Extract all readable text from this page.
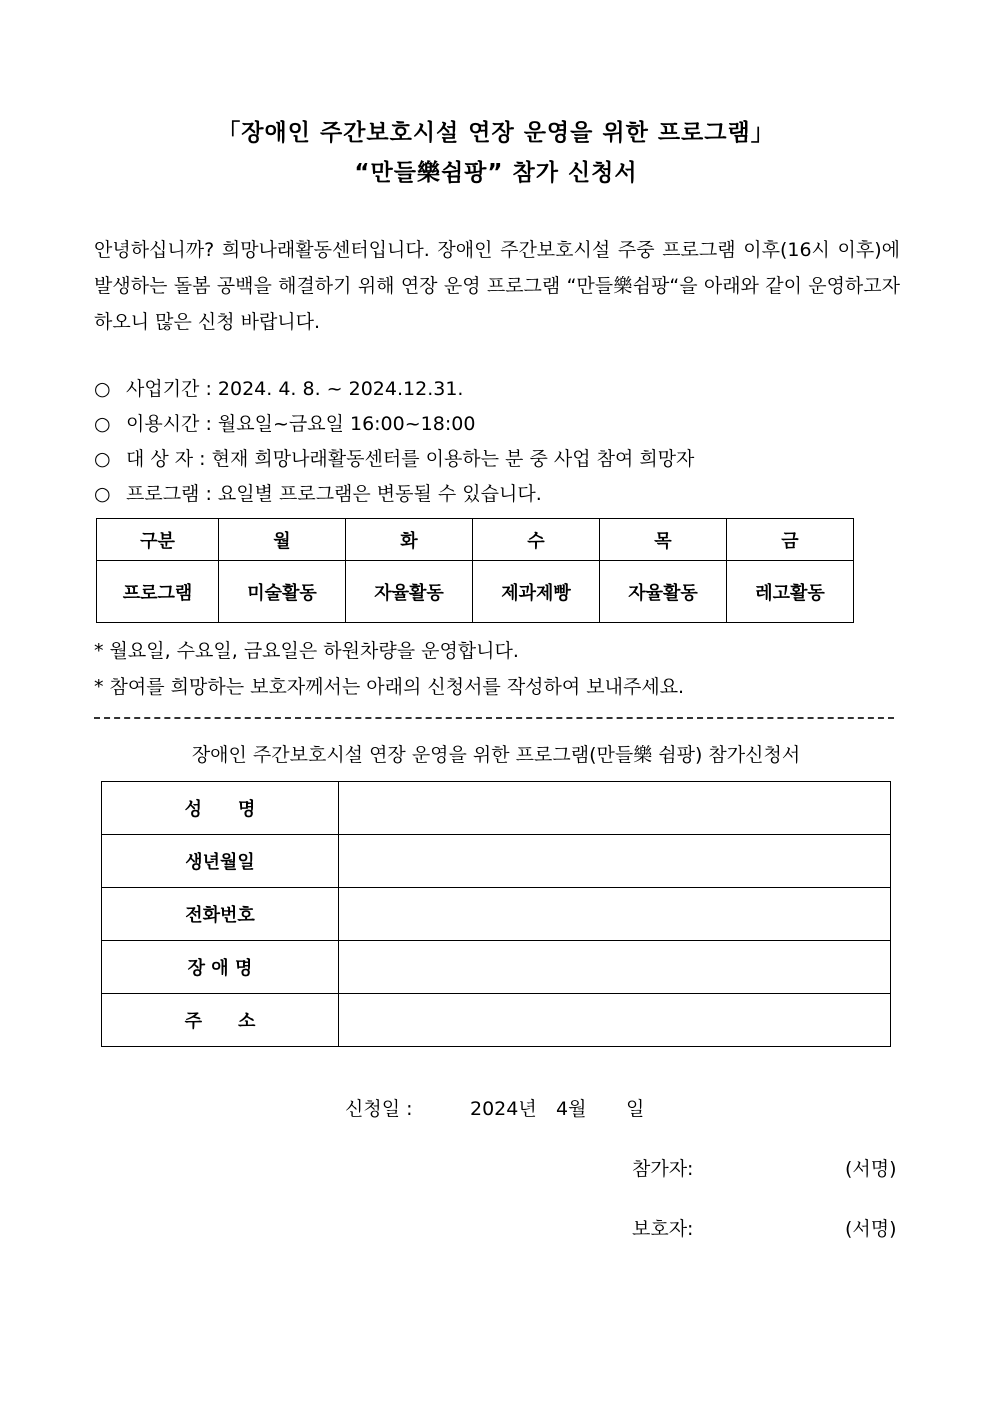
「장애인 주간보호시설 연장 운영을 위한 프로그램」
“만들樂쉼팡” 참가 신청서
안녕하십니까? 희망나래활동센터입니다. 장애인 주간보호시설 주중 프로그램 이후(16시 이후)에 발생하는 돌봄 공백을 해결하기 위해 연장 운영 프로그램 “만들樂쉼팡“을 아래와 같이 운영하고자 하오니 많은 신청 바랍니다.
○ 사업기간 : 2024. 4. 8. ~ 2024.12.31.
○ 이용시간 : 월요일~금요일 16:00~18:00
○ 대 상 자 : 현재 희망나래활동센터를 이용하는 분 중 사업 참여 희망자
○ 프로그램 : 요일별 프로그램은 변동될 수 있습니다.
구분	월	화	수	목	금
프로그램	미술활동	자율활동	제과제빵	자율활동	레고활동
* 월요일, 수요일, 금요일은 하원차량을 운영합니다.
* 참여를 희망하는 보호자께서는 아래의 신청서를 작성하여 보내주세요.
장애인 주간보호시설 연장 운영을 위한 프로그램(만들樂 쉼팡) 참가신청서
성　　명	
생년월일	
전화번호	
장 애 명	
주　　소	
신청일 :	2024년 4월 일
참가자:	(서명)
보호자:	(서명)
